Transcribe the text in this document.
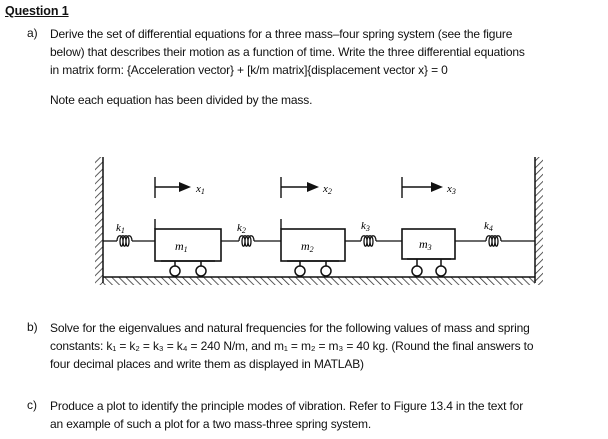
Question 1
a) Derive the set of differential equations for a three mass–four spring system (see the figure
below) that describes their motion as a function of time. Write the three differential equations
in matrix form: {Acceleration vector} + [k/m matrix]{displacement vector x} = 0
Note each equation has been divided by the mass.
x1	x2	x3
k1	k2	k3	k4
m1	m2	m3
b) Solve for the eigenvalues and natural frequencies for the following values of mass and spring
constants: k₁ = k₂ = k₃ = k₄ = 240 N/m, and m₁ = m₂ = m₃ = 40 kg. (Round the final answers to
four decimal places and write them as displayed in MATLAB)
c) Produce a plot to identify the principle modes of vibration. Refer to Figure 13.4 in the text for
an example of such a plot for a two mass-three spring system.
